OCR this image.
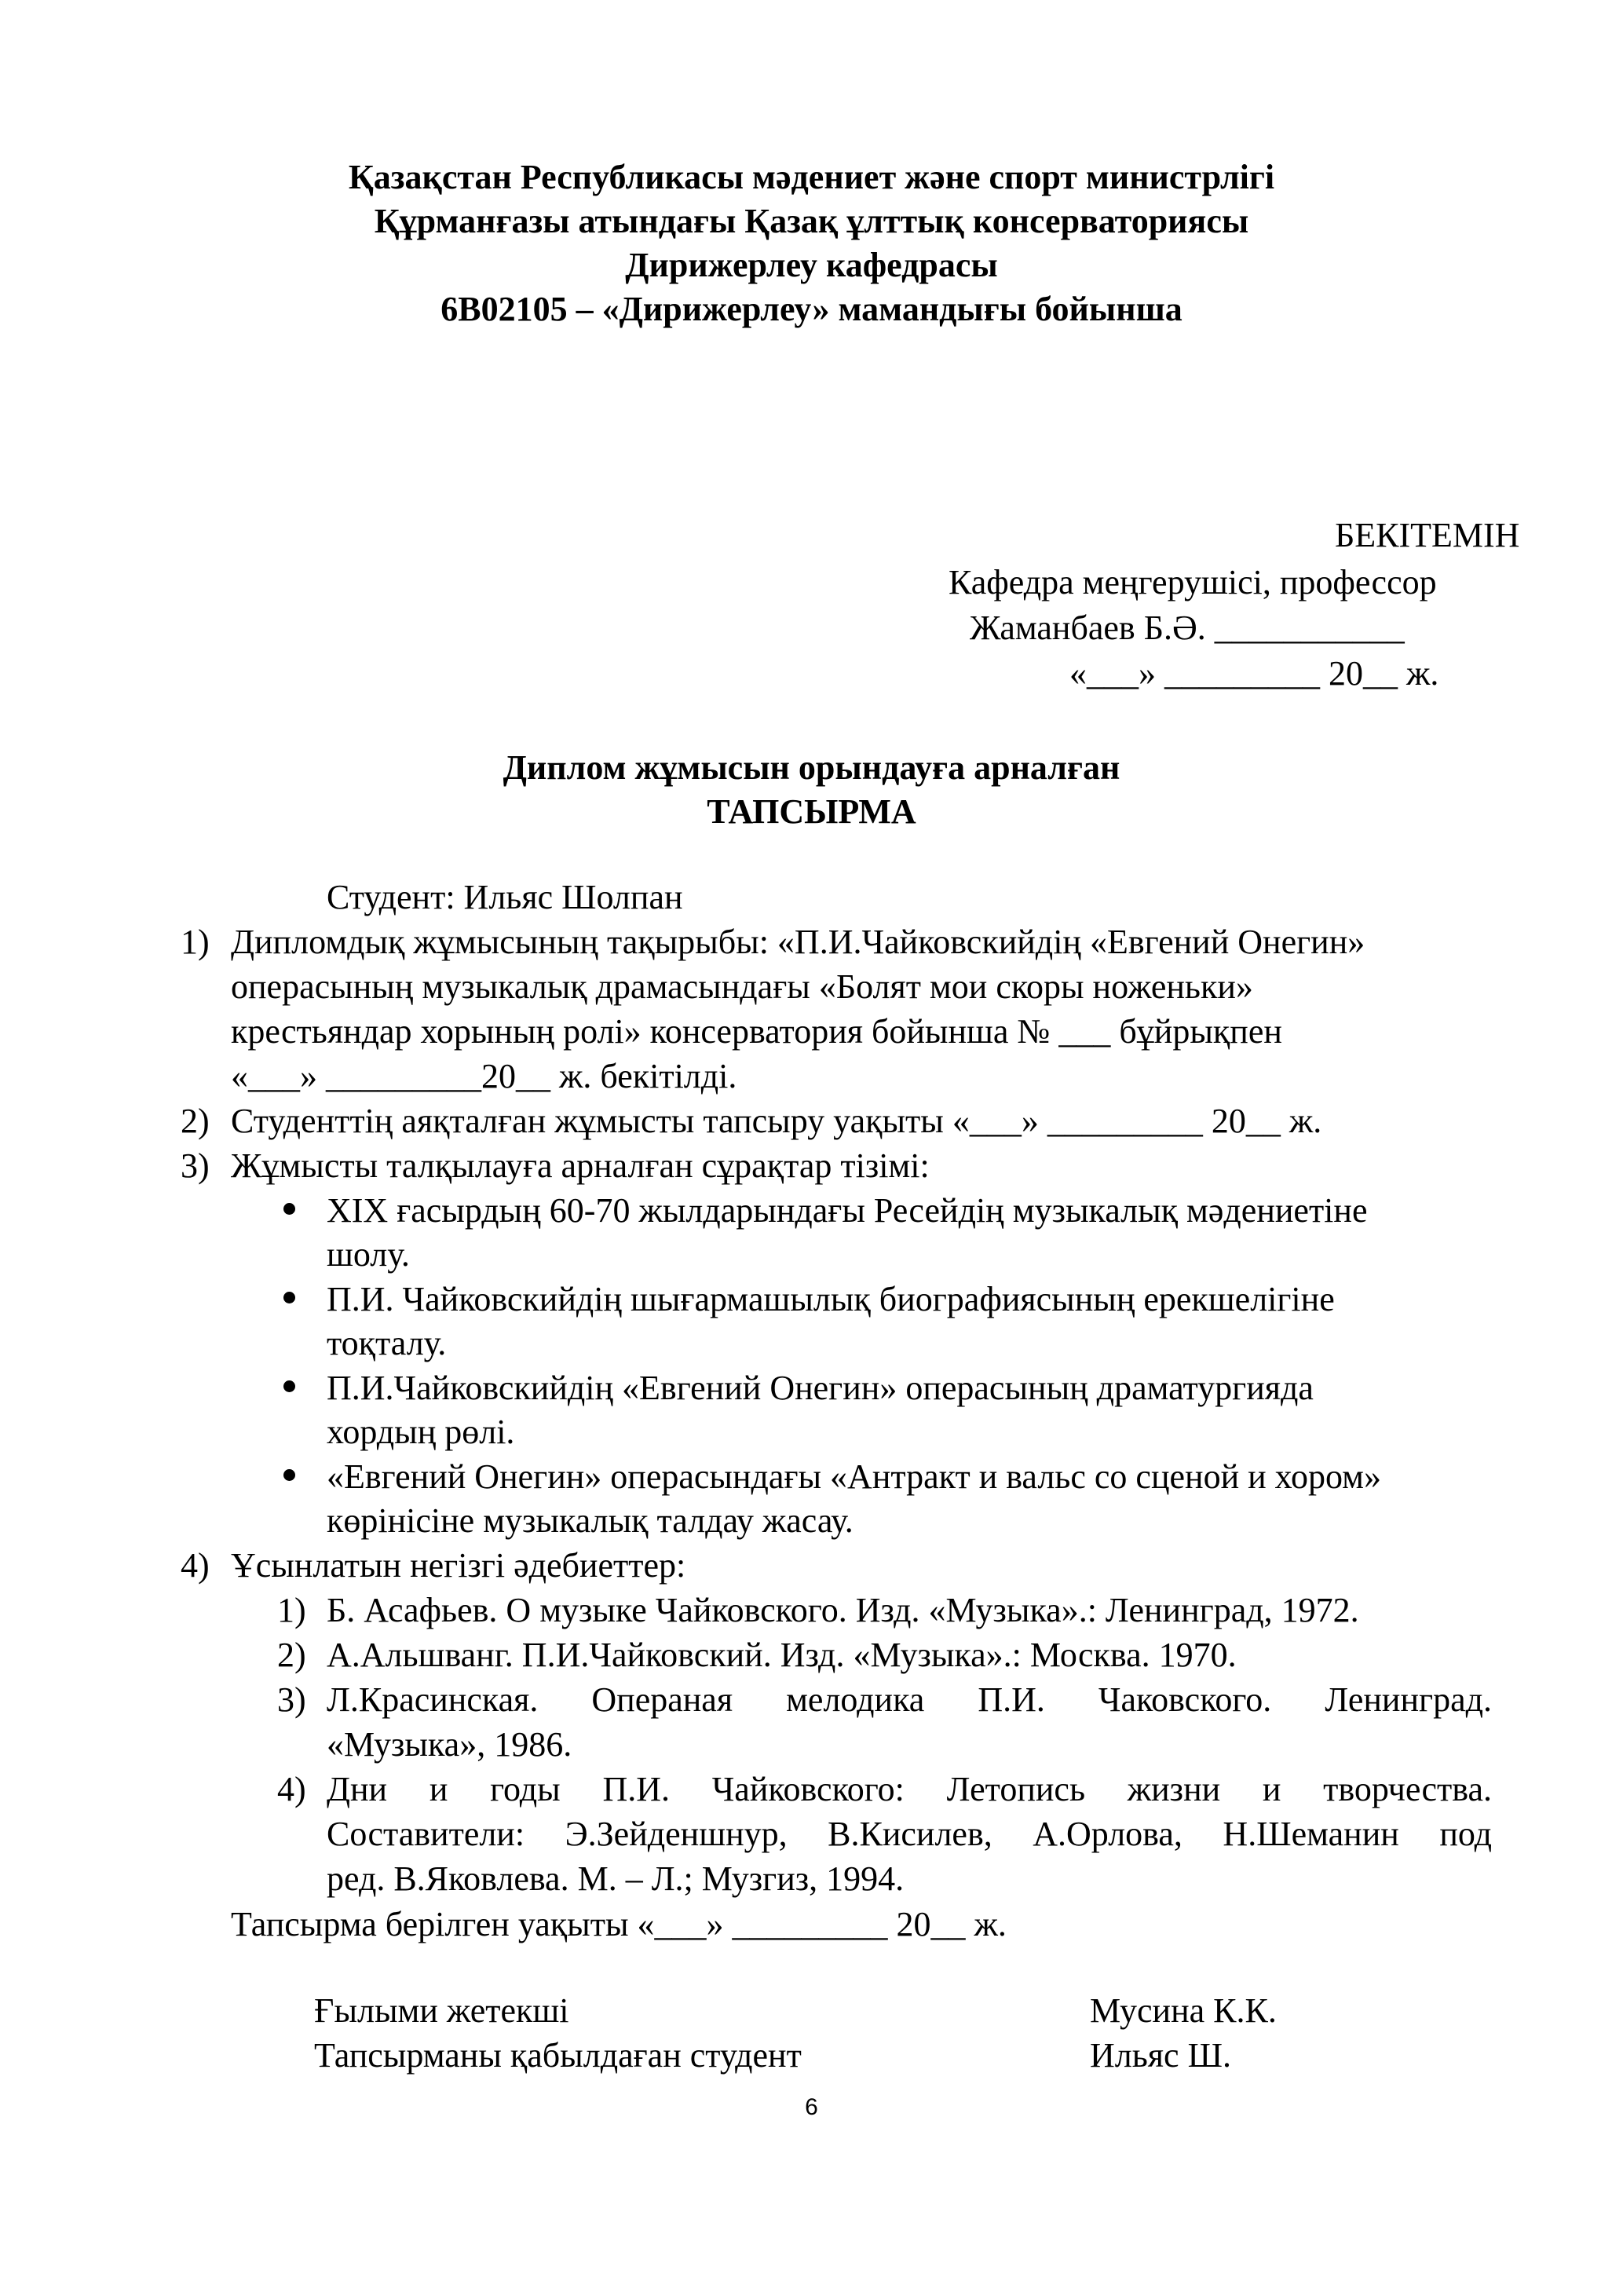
Қазақстан Республикасы мәдениет және спорт министрлігі
Құрманғазы атындағы Қазақ ұлттық консерваториясы
Дирижерлеу кафедрасы
6В02105 – «Дирижерлеу» мамандығы бойынша
БЕКІТЕМІН
Кафедра меңгерушісі, профессор
Жаманбаев Б.Ә. ___________
«___» _________ 20__ ж.
Диплом жұмысын орындауға арналған
ТАПСЫРМА
Студент: Ильяс Шолпан
1) Дипломдық жұмысының тақырыбы: «П.И.Чайковскийдің «Евгений Онегин»
операсының музыкалық драмасындағы «Болят мои скоры ноженьки»
крестьяндар хорының ролі» консерватория бойынша № ___ бұйрықпен
«___» _________20__ ж. бекітілді.
2) Студенттің аяқталған жұмысты тапсыру уақыты «___» _________ 20__ ж.
3) Жұмысты талқылауға арналған сұрақтар тізімі:
XIX ғасырдың 60-70 жылдарындағы Ресейдің музыкалық мәдениетіне
шолу.
П.И. Чайковскийдің шығармашылық биографиясының ерекшелігіне
тоқталу.
П.И.Чайковскийдің «Евгений Онегин» операсының драматургияда
хордың рөлі.
«Евгений Онегин» операсындағы «Антракт и вальс со сценой и хором»
көрінісіне музыкалық талдау жасау.
4) Ұсынлатын негізгі әдебиеттер:
1) Б. Асафьев. О музыке Чайковского. Изд. «Музыка».: Ленинград, 1972.
2) А.Альшванг. П.И.Чайковский. Изд. «Музыка».: Москва. 1970.
3) Л.Красинская. Операная мелодика П.И. Чаковского. Ленинград.
«Музыка», 1986.
4) Дни и годы П.И. Чайковского: Летопись жизни и творчества.
Составители: Э.Зейденшнур, В.Кисилев, А.Орлова, Н.Шеманин под
ред. В.Яковлева. М. – Л.; Музгиз, 1994.
Тапсырма берілген уақыты «___» _________ 20__ ж.
Ғылыми жетекші	Мусина К.К.
Тапсырманы қабылдаған студент	Ильяс Ш.
6
